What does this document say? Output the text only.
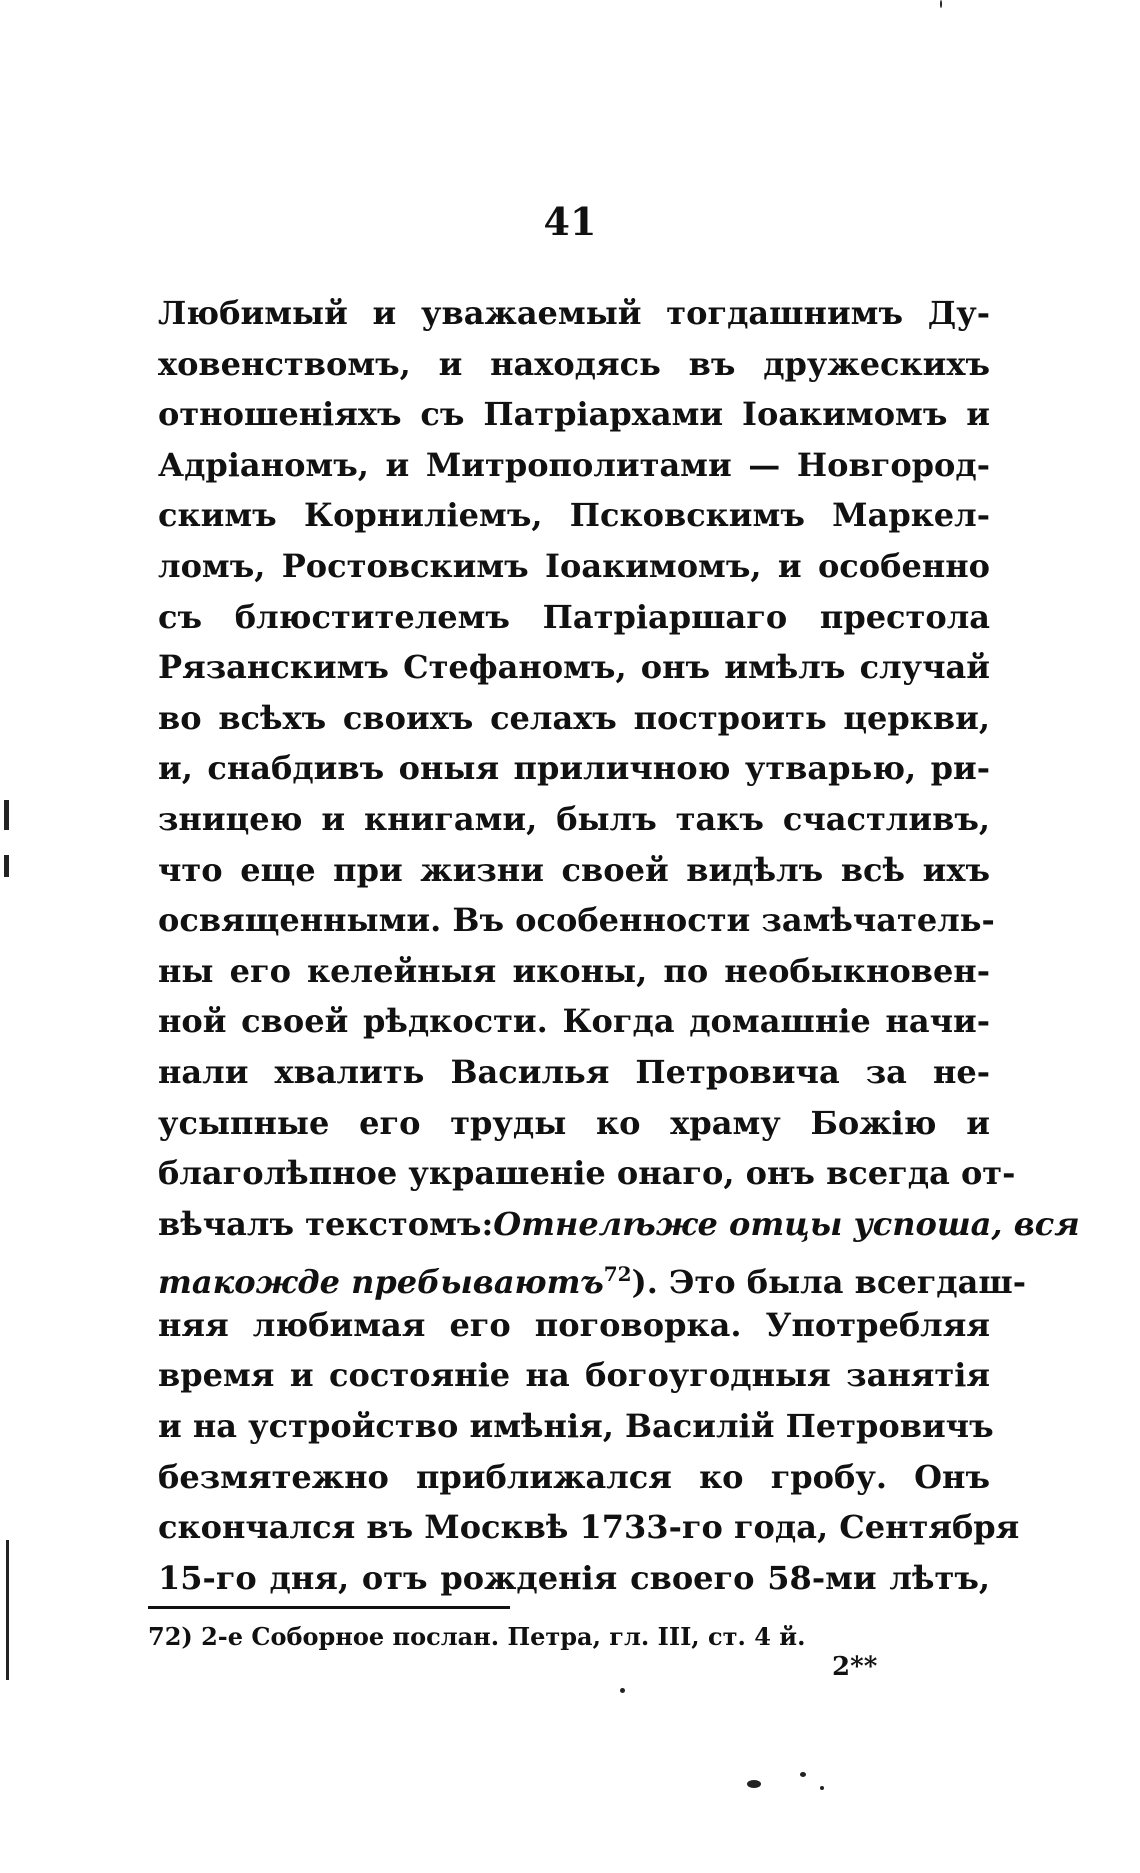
41
Любимый и уважаемый тогдашнимъ Ду-
ховенствомъ, и находясь въ дружескихъ
отношенiяхъ съ Патрiархами Iоакимомъ и
Адрiаномъ, и Митрополитами — Новгород-
скимъ Корнилiемъ, Псковскимъ Маркел-
ломъ, Ростовскимъ Iоакимомъ, и особенно
съ блюстителемъ Патрiаршаго престола
Рязанскимъ Стефаномъ, онъ имѣлъ случай
во всѣхъ своихъ селахъ построить церкви,
и, снабдивъ оныя приличною утварью, ри-
зницею и книгами, былъ такъ счастливъ,
что еще при жизни своей видѣлъ всѣ ихъ
освященными. Въ особенности замѣчатель-
ны его келейныя иконы, по необыкновен-
ной своей рѣдкости. Когда домашнiе начи-
нали хвалить Василья Петровича за не-
усыпные его труды ко храму Божiю и
благолѣпное украшенiе онаго, онъ всегда от-
вѣчалъ текстомъ:Отнелѣже отцы успоша, вся
такожде пребываютъ$^{72}$). Это была всегдаш-
няя любимая его поговорка. Употребляя
время и состоянiе на богоугодныя занятiя
и на устройство имѣнiя, Василiй Петровичъ
безмятежно приближался ко гробу. Онъ
скончался въ Москвѣ 1733-го года, Сентября
15-го дня, отъ рожденiя своего 58-ми лѣтъ,
72) 2-е Соборное послан. Петра, гл. III, ст. 4 й.
2**
